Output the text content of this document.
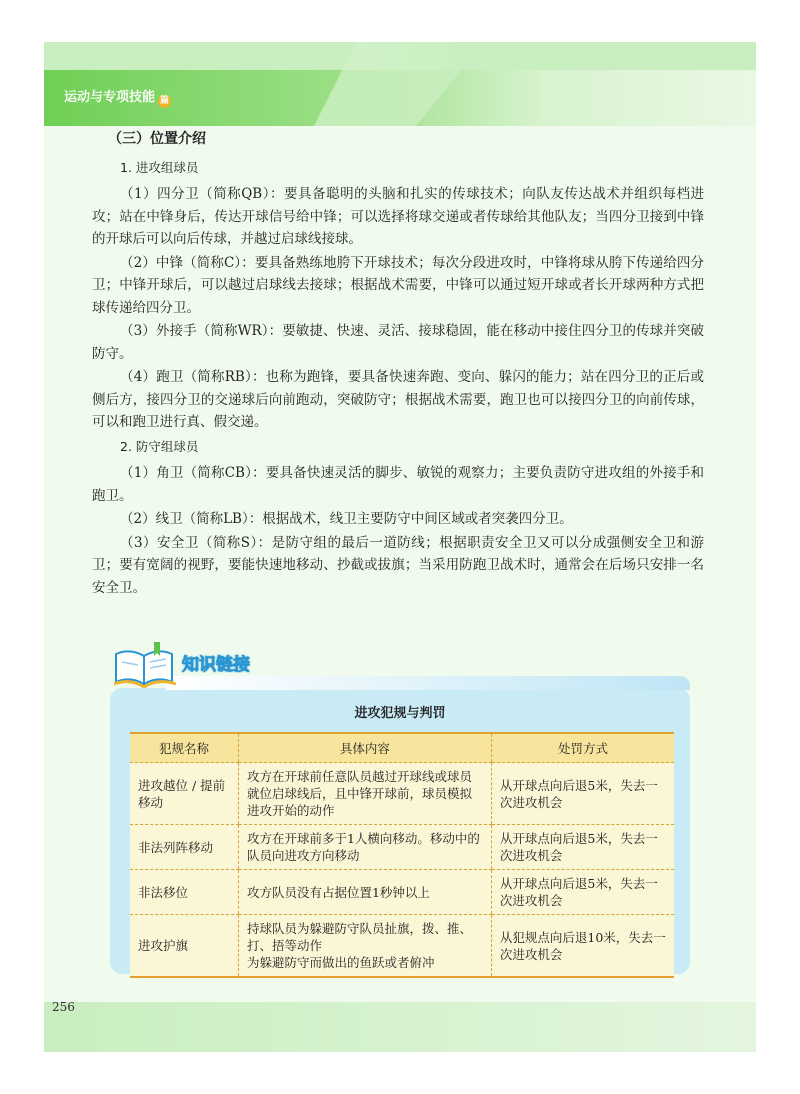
运动与专项技能 篇
（三）位置介绍
1. 进攻组球员

（1）四分卫（简称QB）：要具备聪明的头脑和扎实的传球技术；向队友传达战术并组织每档进攻；站在中锋身后，传达开球信号给中锋；可以选择将球交递或者传球给其他队友；当四分卫接到中锋的开球后可以向后传球，并越过启球线接球。

（2）中锋（简称C）：要具备熟练地胯下开球技术；每次分段进攻时，中锋将球从胯下传递给四分卫；中锋开球后，可以越过启球线去接球；根据战术需要，中锋可以通过短开球或者长开球两种方式把球传递给四分卫。

（3）外接手（简称WR）：要敏捷、快速、灵活、接球稳固，能在移动中接住四分卫的传球并突破防守。

（4）跑卫（简称RB）：也称为跑锋，要具备快速奔跑、变向、躲闪的能力；站在四分卫的正后或侧后方，接四分卫的交递球后向前跑动，突破防守；根据战术需要，跑卫也可以接四分卫的向前传球，可以和跑卫进行真、假交递。

2. 防守组球员

（1）角卫（简称CB）：要具备快速灵活的脚步、敏锐的观察力；主要负责防守进攻组的外接手和跑卫。

（2）线卫（简称LB）：根据战术，线卫主要防守中间区域或者突袭四分卫。

（3）安全卫（简称S）：是防守组的最后一道防线；根据职责安全卫又可以分成强侧安全卫和游卫；要有宽阔的视野，要能快速地移动、抄截或拔旗；当采用防跑卫战术时，通常会在后场只安排一名安全卫。

知识链接
进攻犯规与判罚
犯规名称	具体内容	处罚方式
进攻越位 / 提前移动	攻方在开球前任意队员越过开球线或球员就位启球线后，且中锋开球前，球员模拟进攻开始的动作	从开球点向后退5米，失去一次进攻机会
非法列阵移动	攻方在开球前多于1人横向移动。移动中的队员向进攻方向移动	从开球点向后退5米，失去一次进攻机会
非法移位	攻方队员没有占据位置1秒钟以上	从开球点向后退5米，失去一次进攻机会
进攻护旗	持球队员为躲避防守队员扯旗，拨、推、打、捂等动作
为躲避防守而做出的鱼跃或者俯冲	从犯规点向后退10米，失去一次进攻机会
256
